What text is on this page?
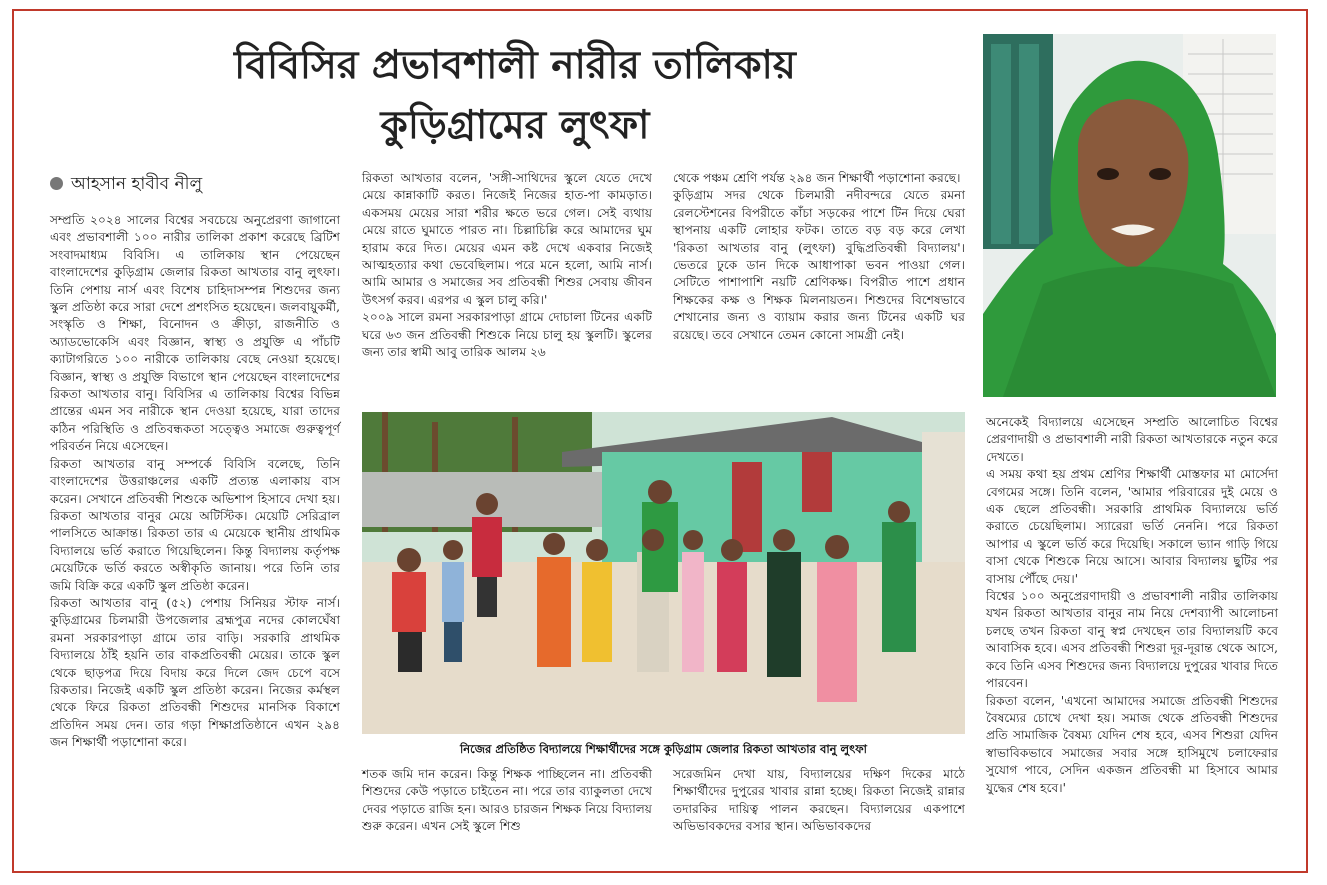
বিবিসির প্রভাবশালী নারীর তালিকায়
কুড়িগ্রামের লুৎফা
আহসান হাবীব নীলু

সম্প্রতি ২০২৪ সালের বিশ্বের সবচেয়ে অনুপ্রেরণা জাগানো এবং প্রভাবশালী ১০০ নারীর তালিকা প্রকাশ করেছে ব্রিটিশ সংবাদমাধ্যম বিবিসি। এ তালিকায় স্থান পেয়েছেন বাংলাদেশের কুড়িগ্রাম জেলার রিকতা আখতার বানু লুৎফা। তিনি পেশায় নার্স এবং বিশেষ চাহিদাসম্পন্ন শিশুদের জন্য স্কুল প্রতিষ্ঠা করে সারা দেশে প্রশংসিত হয়েছেন। জলবায়ুকর্মী, সংস্কৃতি ও শিক্ষা, বিনোদন ও ক্রীড়া, রাজনীতি ও অ্যাডভোকেসি এবং বিজ্ঞান, স্বাস্থ্য ও প্রযুক্তি এ পাঁচটি ক্যাটাগরিতে ১০০ নারীকে তালিকায় বেছে নেওয়া হয়েছে। বিজ্ঞান, স্বাস্থ্য ও প্রযুক্তি বিভাগে স্থান পেয়েছেন বাংলাদেশের রিকতা আখতার বানু। বিবিসির এ তালিকায় বিশ্বের বিভিন্ন প্রান্তের এমন সব নারীকে স্থান দেওয়া হয়েছে, যারা তাদের কঠিন পরিস্থিতি ও প্রতিবন্ধকতা সত্ত্বেও সমাজে গুরুত্বপূর্ণ পরিবর্তন নিয়ে এসেছেন।

রিকতা আখতার বানু সম্পর্কে বিবিসি বলেছে, তিনি বাংলাদেশের উত্তরাঞ্চলের একটি প্রত্যন্ত এলাকায় বাস করেন। সেখানে প্রতিবন্ধী শিশুকে অভিশাপ হিসাবে দেখা হয়। রিকতা আখতার বানুর মেয়ে অটিস্টিক। মেয়েটি সেরিব্রাল পালসিতে আক্রান্ত। রিকতা তার এ মেয়েকে স্থানীয় প্রাথমিক বিদ্যালয়ে ভর্তি করাতে গিয়েছিলেন। কিন্তু বিদ্যালয় কর্তৃপক্ষ মেয়েটিকে ভর্তি করতে অস্বীকৃতি জানায়। পরে তিনি তার জমি বিক্রি করে একটি স্কুল প্রতিষ্ঠা করেন।

রিকতা আখতার বানু (৫২) পেশায় সিনিয়র স্টাফ নার্স। কুড়িগ্রামের চিলমারী উপজেলার ব্রহ্মপুত্র নদের কোলঘেঁষা রমনা সরকারপাড়া গ্রামে তার বাড়ি। সরকারি প্রাথমিক বিদ্যালয়ে ঠাঁই হয়নি তার বাকপ্রতিবন্ধী মেয়ের। তাকে স্কুল থেকে ছাড়পত্র দিয়ে বিদায় করে দিলে জেদ চেপে বসে রিকতার। নিজেই একটি স্কুল প্রতিষ্ঠা করেন। নিজের কর্মস্থল থেকে ফিরে রিকতা প্রতিবন্ধী শিশুদের মানসিক বিকাশে প্রতিদিন সময় দেন। তার গড়া শিক্ষাপ্রতিষ্ঠানে এখন ২৯৪ জন শিক্ষার্থী পড়াশোনা করে।

রিকতা আখতার বলেন, 'সঙ্গী-সাথিদের স্কুলে যেতে দেখে মেয়ে কান্নাকাটি করত। নিজেই নিজের হাত-পা কামড়াত। একসময় মেয়ের সারা শরীর ক্ষতে ভরে গেল। সেই ব্যথায় মেয়ে রাতে ঘুমাতে পারত না। চিল্লাচিল্লি করে আমাদের ঘুম হারাম করে দিত। মেয়ের এমন কষ্ট দেখে একবার নিজেই আত্মহত্যার কথা ভেবেছিলাম। পরে মনে হলো, আমি নার্স। আমি আমার ও সমাজের সব প্রতিবন্ধী শিশুর সেবায় জীবন উৎসর্গ করব। এরপর এ স্কুল চালু করি।'

২০০৯ সালে রমনা সরকারপাড়া গ্রামে দোচালা টিনের একটি ঘরে ৬৩ জন প্রতিবন্ধী শিশুকে নিয়ে চালু হয় স্কুলটি। স্কুলের জন্য তার স্বামী আবু তারিক আলম ২৬

থেকে পঞ্চম শ্রেণি পর্যন্ত ২৯৪ জন শিক্ষার্থী পড়াশোনা করছে।

কুড়িগ্রাম সদর থেকে চিলমারী নদীবন্দরে যেতে রমনা রেলস্টেশনের বিপরীতে কাঁচা সড়কের পাশে টিন দিয়ে ঘেরা স্থাপনায় একটি লোহার ফটক। তাতে বড় বড় করে লেখা 'রিকতা আখতার বানু (লুৎফা) বুদ্ধিপ্রতিবন্ধী বিদ্যালয়'। ভেতরে ঢুকে ডান দিকে আধাপাকা ভবন পাওয়া গেল। সেটিতে পাশাপাশি নয়টি শ্রেণিকক্ষ। বিপরীত পাশে প্রধান শিক্ষকের কক্ষ ও শিক্ষক মিলনায়তন। শিশুদের বিশেষভাবে শেখানোর জন্য ও ব্যায়াম করার জন্য টিনের একটি ঘর রয়েছে। তবে সেখানে তেমন কোনো সামগ্রী নেই।

নিজের প্রতিষ্ঠিত বিদ্যালয়ে শিক্ষার্থীদের সঙ্গে কুড়িগ্রাম জেলার রিকতা আখতার বানু লুৎফা

অনেকেই বিদ্যালয়ে এসেছেন সম্প্রতি আলোচিত বিশ্বের প্রেরণাদায়ী ও প্রভাবশালী নারী রিকতা আখতারকে নতুন করে দেখতে।

এ সময় কথা হয় প্রথম শ্রেণির শিক্ষার্থী মোস্তফার মা মোর্সেদা বেগমের সঙ্গে। তিনি বলেন, 'আমার পরিবারের দুই মেয়ে ও এক ছেলে প্রতিবন্ধী। সরকারি প্রাথমিক বিদ্যালয়ে ভর্তি করাতে চেয়েছিলাম। স্যারেরা ভর্তি নেননি। পরে রিকতা আপার এ স্কুলে ভর্তি করে দিয়েছি। সকালে ভ্যান গাড়ি গিয়ে বাসা থেকে শিশুকে নিয়ে আসে। আবার বিদ্যালয় ছুটির পর বাসায় পৌঁছে দেয়।'

বিশ্বের ১০০ অনুপ্রেরণাদায়ী ও প্রভাবশালী নারীর তালিকায় যখন রিকতা আখতার বানুর নাম নিয়ে দেশব্যাপী আলোচনা চলছে তখন রিকতা বানু স্বপ্ন দেখছেন তার বিদ্যালয়টি কবে আবাসিক হবে। এসব প্রতিবন্ধী শিশুরা দূর-দূরান্ত থেকে আসে, কবে তিনি এসব শিশুদের জন্য বিদ্যালয়ে দুপুরের খাবার দিতে পারবেন।

রিকতা বলেন, 'এখনো আমাদের সমাজে প্রতিবন্ধী শিশুদের বৈষম্যের চোখে দেখা হয়। সমাজ থেকে প্রতিবন্ধী শিশুদের প্রতি সামাজিক বৈষম্য যেদিন শেষ হবে, এসব শিশুরা যেদিন স্বাভাবিকভাবে সমাজের সবার সঙ্গে হাসিমুখে চলাফেরার সুযোগ পাবে, সেদিন একজন প্রতিবন্ধী মা হিসাবে আমার যুদ্ধের শেষ হবে।'

শতক জমি দান করেন। কিন্তু শিক্ষক পাচ্ছিলেন না। প্রতিবন্ধী শিশুদের কেউ পড়াতে চাইতেন না। পরে তার ব্যাকুলতা দেখে দেবর পড়াতে রাজি হন। আরও চারজন শিক্ষক নিয়ে বিদ্যালয় শুরু করেন। এখন সেই স্কুলে শিশু

সরেজমিন দেখা যায়, বিদ্যালয়ের দক্ষিণ দিকের মাঠে শিক্ষার্থীদের দুপুরের খাবার রান্না হচ্ছে। রিকতা নিজেই রান্নার তদারকির দায়িত্ব পালন করছেন। বিদ্যালয়ের একপাশে অভিভাবকদের বসার স্থান। অভিভাবকদের
